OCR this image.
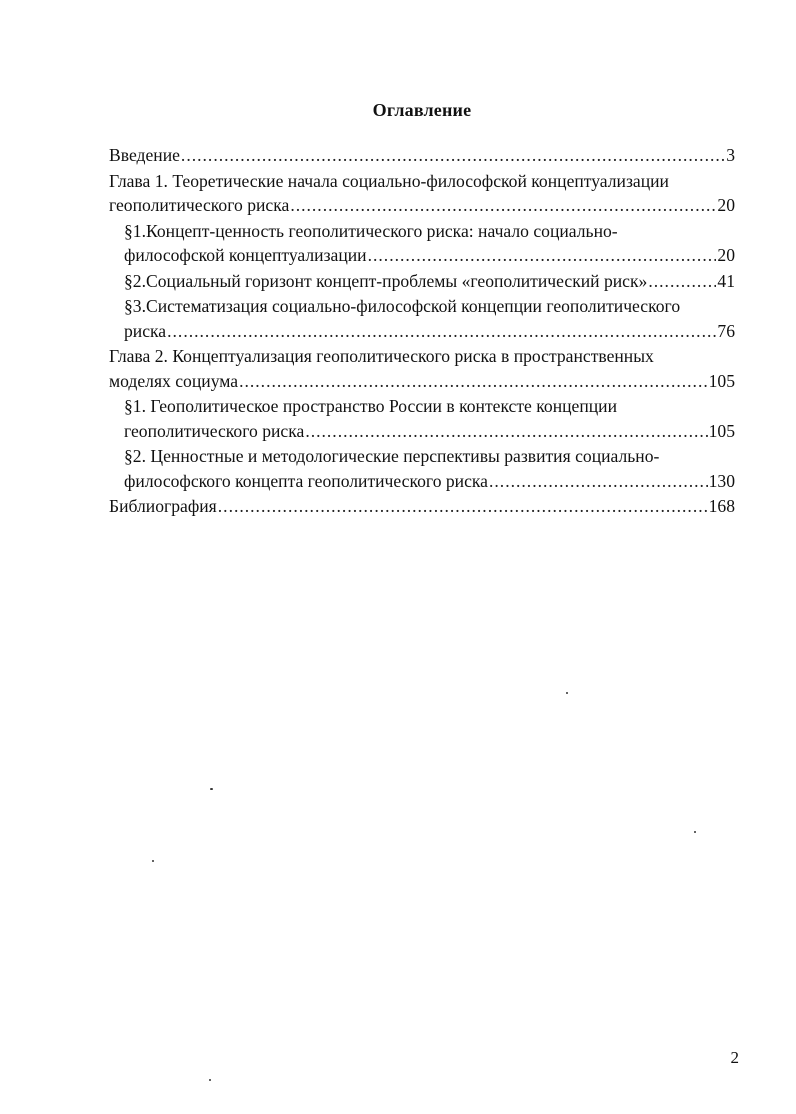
Оглавление
Введение .....	3
Глава 1. Теоретические начала социально-философской концептуализации
геополитического риска .....	20
§1.Концепт-ценность геополитического риска: начало социально-
философской концептуализации .....	20
§2.Социальный горизонт концепт-проблемы «геополитический риск» .....	41
§3.Систематизация социально-философской концепции геополитического
риска .....	76
Глава 2. Концептуализация геополитического риска в пространственных
моделях социума .....	105
§1. Геополитическое пространство России в контексте концепции
геополитического риска .....	105
§2. Ценностные и методологические перспективы развития социально-
философского концепта геополитического риска .....	130
Библиография .....	168
2
